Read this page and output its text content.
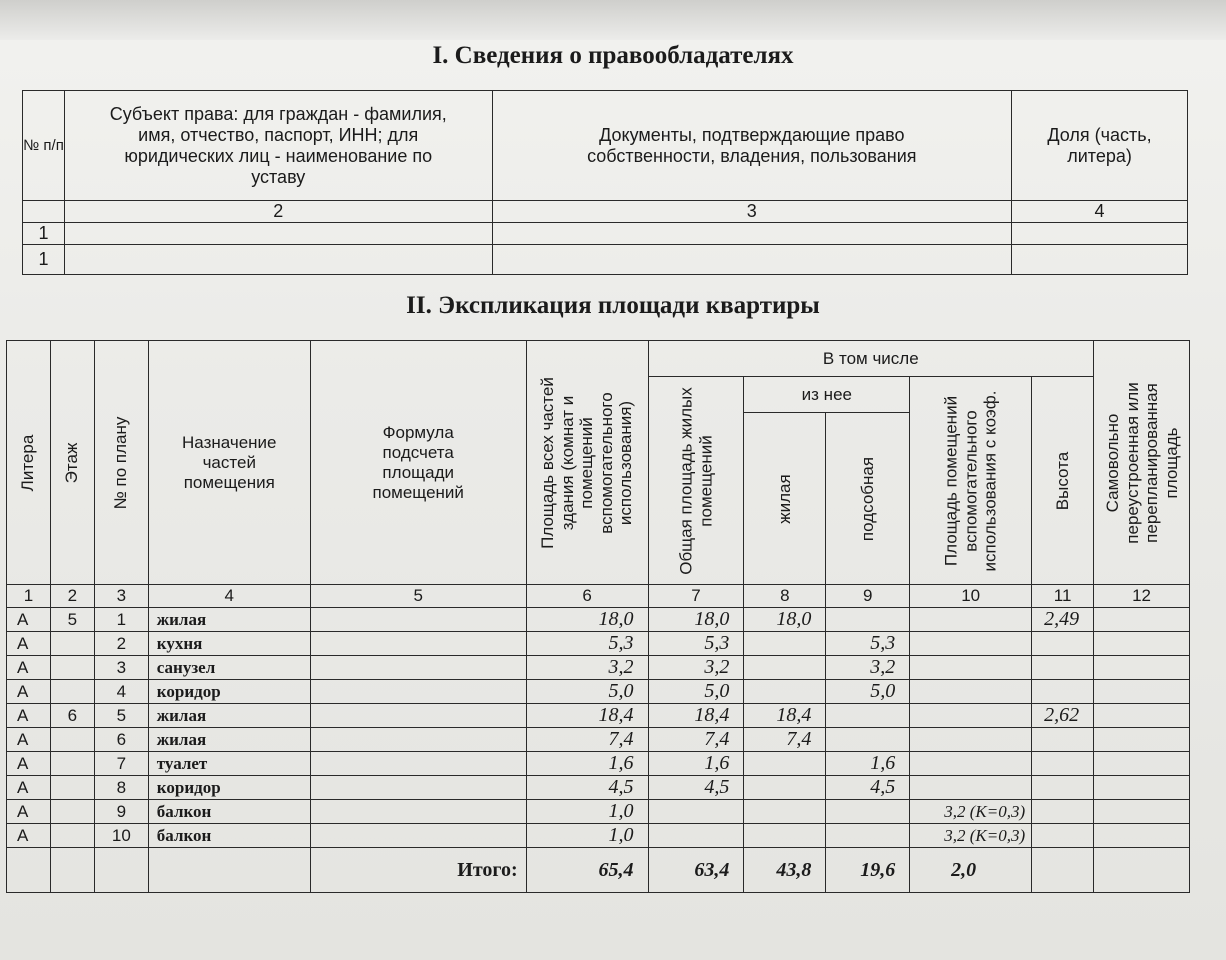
I. Сведения о правообладателях
№ п/п	Субъект права: для граждан - фамилия, имя, отчество, паспорт, ИНН; для юридических лиц - наименование по уставу	Документы, подтверждающие право собственности, владения, пользования	Доля (часть, литера)
	2	3	4
1			
1			
II. Экспликация площади квартиры
Литера	Этаж	№ по плану	Назначение частей помещения	Формула подсчета площади помещений	Площадь всех частей здания (комнат и помещений вспомогательного использования)	В том числе					Самовольно переустроенная или перепланированная площадь

						Общая площадь жилых помещений	из нее		Площадь помещений вспомогательного использования с коэф.	Высота	

							жилая	подсобная			

1	2	3	4	5	6	7	8	9	10	11	12
А	5	1	жилая		18,0	18,0	18,0			2,49	
А		2	кухня		5,3	5,3		5,3			
А		3	санузел		3,2	3,2		3,2			
А		4	коридор		5,0	5,0		5,0			
А	6	5	жилая		18,4	18,4	18,4			2,62	
А		6	жилая		7,4	7,4	7,4				
А		7	туалет		1,6	1,6		1,6			
А		8	коридор		4,5	4,5		4,5			
А		9	балкон		1,0				3,2 (K=0,3)		
А		10	балкон		1,0				3,2 (K=0,3)		
				Итого:	65,4	63,4	43,8	19,6	2,0		
